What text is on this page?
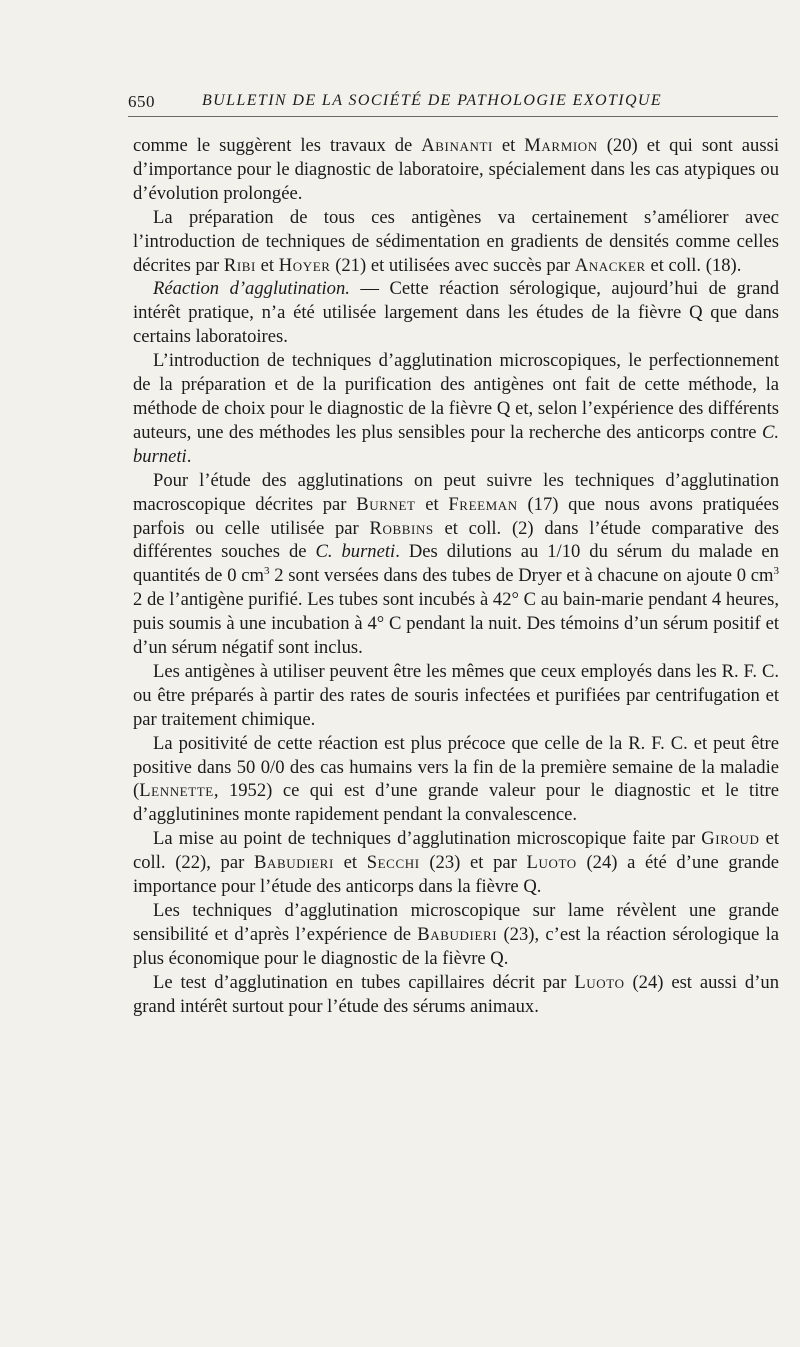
650	BULLETIN DE LA SOCIÉTÉ DE PATHOLOGIE EXOTIQUE

comme le suggèrent les travaux de Abinanti et Marmion (20) et qui sont aussi d’importance pour le diagnostic de laboratoire, spécialement dans les cas atypiques ou d’évolution prolongée.

La préparation de tous ces antigènes va certainement s’améliorer avec l’introduction de techniques de sédimentation en gradients de densités comme celles décrites par Ribi et Hoyer (21) et utilisées avec succès par Anacker et coll. (18).

Réaction d’agglutination. — Cette réaction sérologique, aujourd’hui de grand intérêt pratique, n’a été utilisée largement dans les études de la fièvre Q que dans certains laboratoires.

L’introduction de techniques d’agglutination microscopiques, le perfectionnement de la préparation et de la purification des antigènes ont fait de cette méthode, la méthode de choix pour le diagnostic de la fièvre Q et, selon l’expérience des différents auteurs, une des méthodes les plus sensibles pour la recherche des anticorps contre C. burneti.

Pour l’étude des agglutinations on peut suivre les techniques d’agglutination macroscopique décrites par Burnet et Freeman (17) que nous avons pratiquées parfois ou celle utilisée par Robbins et coll. (2) dans l’étude comparative des différentes souches de C. burneti. Des dilutions au 1/10 du sérum du malade en quantités de 0 $cm^3$ 2 sont versées dans des tubes de Dryer et à chacune on ajoute 0 $cm^3$ 2 de l’antigène purifié. Les tubes sont incubés à 42° C au bain-marie pendant 4 heures, puis soumis à une incubation à 4° C pendant la nuit. Des témoins d’un sérum positif et d’un sérum négatif sont inclus.

Les antigènes à utiliser peuvent être les mêmes que ceux employés dans les R. F. C. ou être préparés à partir des rates de souris infectées et purifiées par centrifugation et par traitement chimique.

La positivité de cette réaction est plus précoce que celle de la R. F. C. et peut être positive dans 50 0/0 des cas humains vers la fin de la première semaine de la maladie (Lennette, 1952) ce qui est d’une grande valeur pour le diagnostic et le titre d’agglutinines monte rapidement pendant la convalescence.

La mise au point de techniques d’agglutination microscopique faite par Giroud et coll. (22), par Babudieri et Secchi (23) et par Luoto (24) a été d’une grande importance pour l’étude des anticorps dans la fièvre Q.

Les techniques d’agglutination microscopique sur lame révèlent une grande sensibilité et d’après l’expérience de Babudieri (23), c’est la réaction sérologique la plus économique pour le diagnostic de la fièvre Q.

Le test d’agglutination en tubes capillaires décrit par Luoto (24) est aussi d’un grand intérêt surtout pour l’étude des sérums animaux.
